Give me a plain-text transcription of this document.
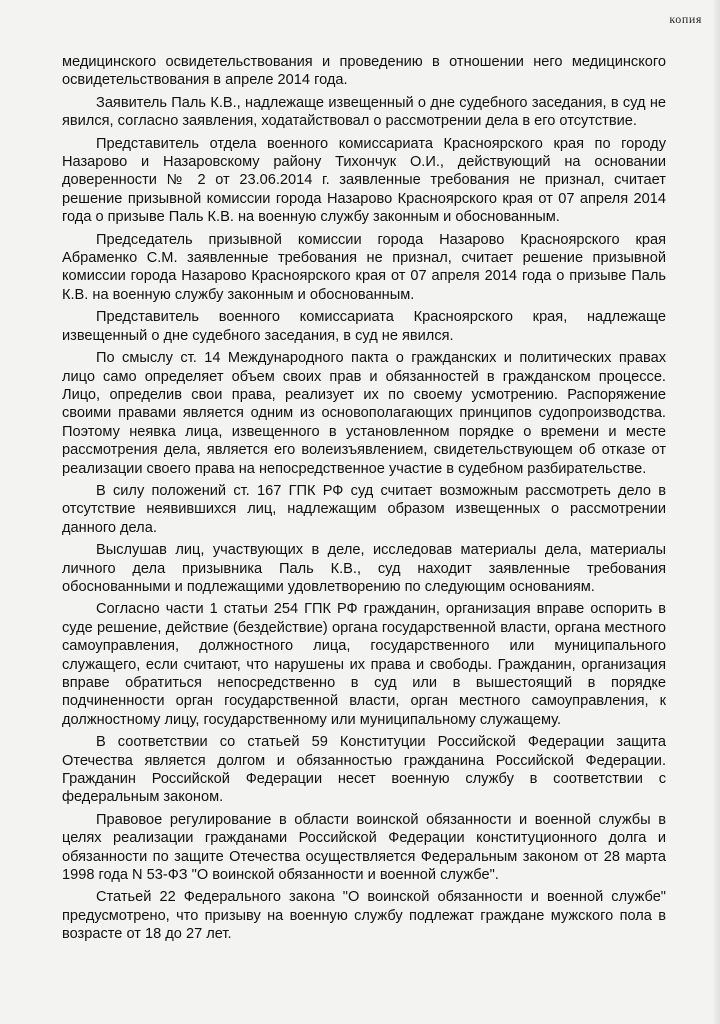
копия

медицинского освидетельствования и проведению в отношении него медицинского освидетельствования в апреле 2014 года.

Заявитель Паль К.В., надлежаще извещенный о дне судебного заседания, в суд не явился, согласно заявления, ходатайствовал о рассмотрении дела в его отсутствие.

Представитель отдела военного комиссариата Красноярского края по городу Назарово и Назаровскому району Тихончук О.И., действующий на основании доверенности № 2 от 23.06.2014 г. заявленные требования не признал, считает решение призывной комиссии города Назарово Красноярского края от 07 апреля 2014 года о призыве Паль К.В. на военную службу законным и обоснованным.

Председатель призывной комиссии города Назарово Красноярского края Абраменко С.М. заявленные требования не признал, считает решение призывной комиссии города Назарово Красноярского края от 07 апреля 2014 года о призыве Паль К.В. на военную службу законным и обоснованным.

Представитель военного комиссариата Красноярского края, надлежаще извещенный о дне судебного заседания, в суд не явился.

По смыслу ст. 14 Международного пакта о гражданских и политических правах лицо само определяет объем своих прав и обязанностей в гражданском процессе. Лицо, определив свои права, реализует их по своему усмотрению. Распоряжение своими правами является одним из основополагающих принципов судопроизводства. Поэтому неявка лица, извещенного в установленном порядке о времени и месте рассмотрения дела, является его волеизъявлением, свидетельствующем об отказе от реализации своего права на непосредственное участие в судебном разбирательстве.

В силу положений ст. 167 ГПК РФ суд считает возможным рассмотреть дело в отсутствие неявившихся лиц, надлежащим образом извещенных о рассмотрении данного дела.

Выслушав лиц, участвующих в деле, исследовав материалы дела, материалы личного дела призывника Паль К.В., суд находит заявленные требования обоснованными и подлежащими удовлетворению по следующим основаниям.

Согласно части 1 статьи 254 ГПК РФ гражданин, организация вправе оспорить в суде решение, действие (бездействие) органа государственной власти, органа местного самоуправления, должностного лица, государственного или муниципального служащего, если считают, что нарушены их права и свободы. Гражданин, организация вправе обратиться непосредственно в суд или в вышестоящий в порядке подчиненности орган государственной власти, орган местного самоуправления, к должностному лицу, государственному или муниципальному служащему.

В соответствии со статьей 59 Конституции Российской Федерации защита Отечества является долгом и обязанностью гражданина Российской Федерации. Гражданин Российской Федерации несет военную службу в соответствии с федеральным законом.

Правовое регулирование в области воинской обязанности и военной службы в целях реализации гражданами Российской Федерации конституционного долга и обязанности по защите Отечества осуществляется Федеральным законом от 28 марта 1998 года N 53-ФЗ "О воинской обязанности и военной службе".

Статьей 22 Федерального закона "О воинской обязанности и военной службе" предусмотрено, что призыву на военную службу подлежат граждане мужского пола в возрасте от 18 до 27 лет.
